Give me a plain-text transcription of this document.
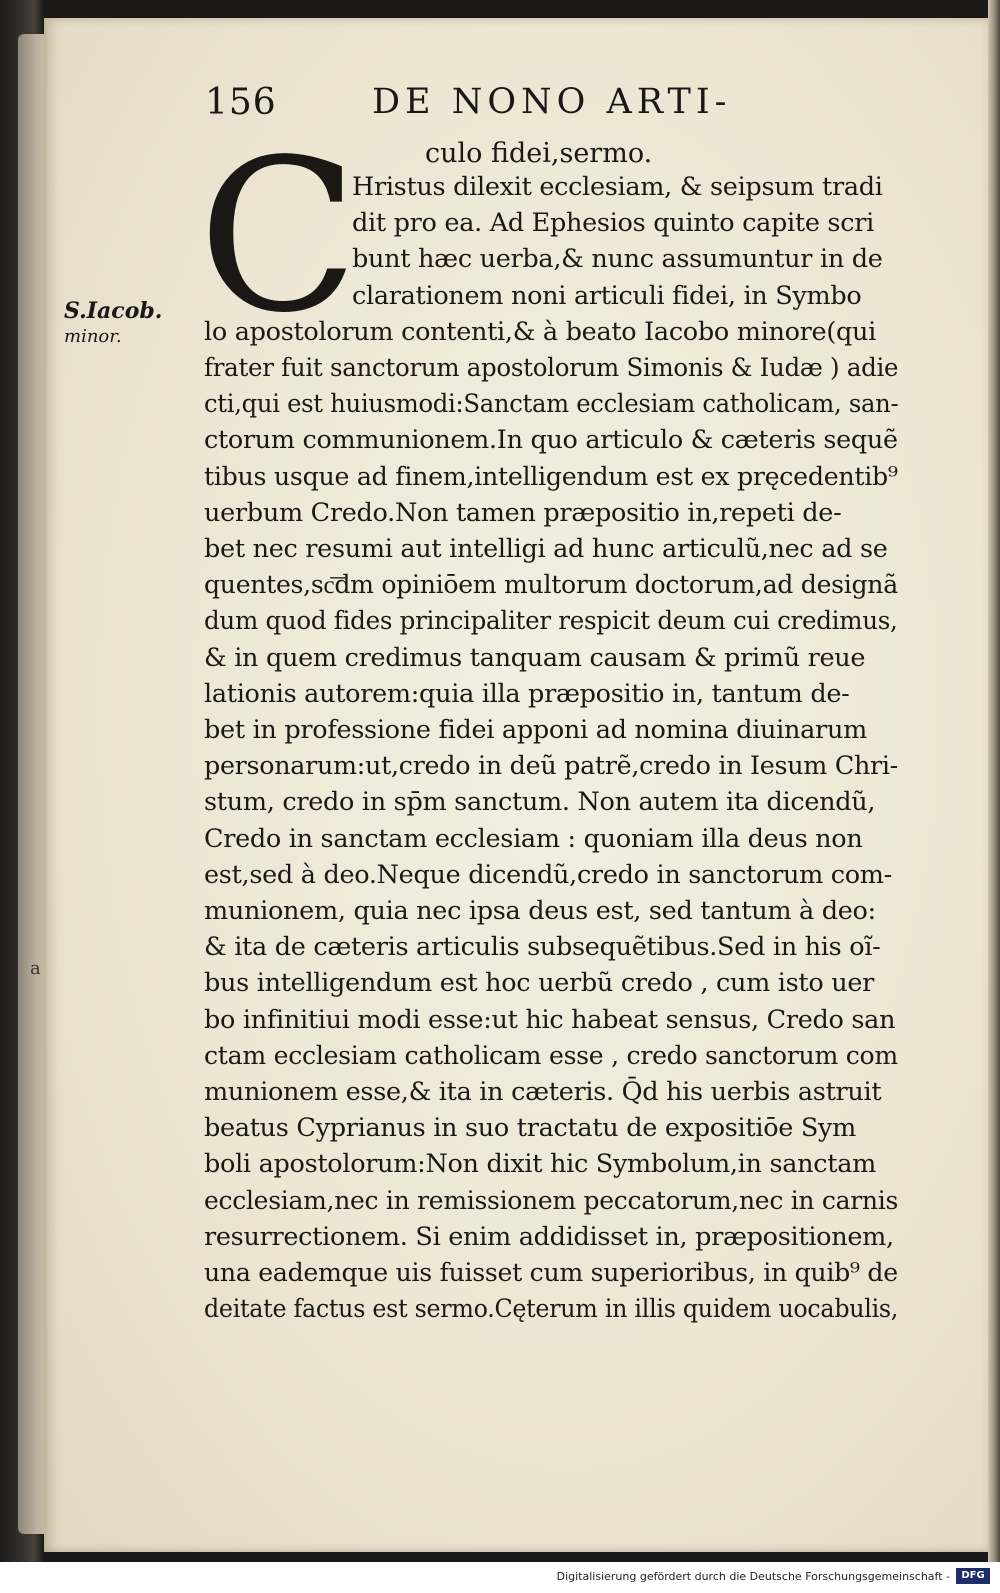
156	DE NONO ARTI-
culo fidei,sermo.
C
S.Iacob.
minor.
a
Hristus dilexit ecclesiam, & seipsum tradi
dit pro ea. Ad Ephesios quinto capite scri
bunt hæc uerba,& nunc assumuntur in de
clarationem noni articuli fidei, in Symbo
lo apostolorum contenti,& à beato Iacobo minore(qui
frater fuit sanctorum apostolorum Simonis & Iudæ ) adie
cti,qui est huiusmodi:Sanctam ecclesiam catholicam, san-
ctorum communionem.In quo articulo & cæteris sequẽ
tibus usque ad finem,intelligendum est ex pręcedentib⁹
uerbum Credo.Non tamen præpositio in,repeti de-
bet nec resumi aut intelligi ad hunc articulũ,nec ad se
quentes,sc͞dm opiniōem multorum doctorum,ad designã
dum quod fides principaliter respicit deum cui credimus,
& in quem credimus tanquam causam & primũ reue
lationis autorem:quia illa præpositio in, tantum de-
bet in professione fidei apponi ad nomina diuinarum
personarum:ut,credo in deũ patrẽ,credo in Iesum Chri-
stum, credo in sp̄m sanctum. Non autem ita dicendũ,
Credo in sanctam ecclesiam : quoniam illa deus non
est,sed à deo.Neque dicendũ,credo in sanctorum com-
munionem, quia nec ipsa deus est, sed tantum à deo:
& ita de cæteris articulis subsequẽtibus.Sed in his oĩ-
bus intelligendum est hoc uerbũ credo , cum isto uer
bo infinitiui modi esse:ut hic habeat sensus, Credo san
ctam ecclesiam catholicam esse , credo sanctorum com
munionem esse,& ita in cæteris. Q̄d his uerbis astruit
beatus Cyprianus in suo tractatu de expositiōe Sym
boli apostolorum:Non dixit hic Symbolum,in sanctam
ecclesiam,nec in remissionem peccatorum,nec in carnis
resurrectionem. Si enim addidisset in, præpositionem,
una eademque uis fuisset cum superioribus, in quib⁹ de
deitate factus est sermo.Cęterum in illis quidem uocabulis,
Digitalisierung gefördert durch die Deutsche Forschungsgemeinschaft -	DFG
